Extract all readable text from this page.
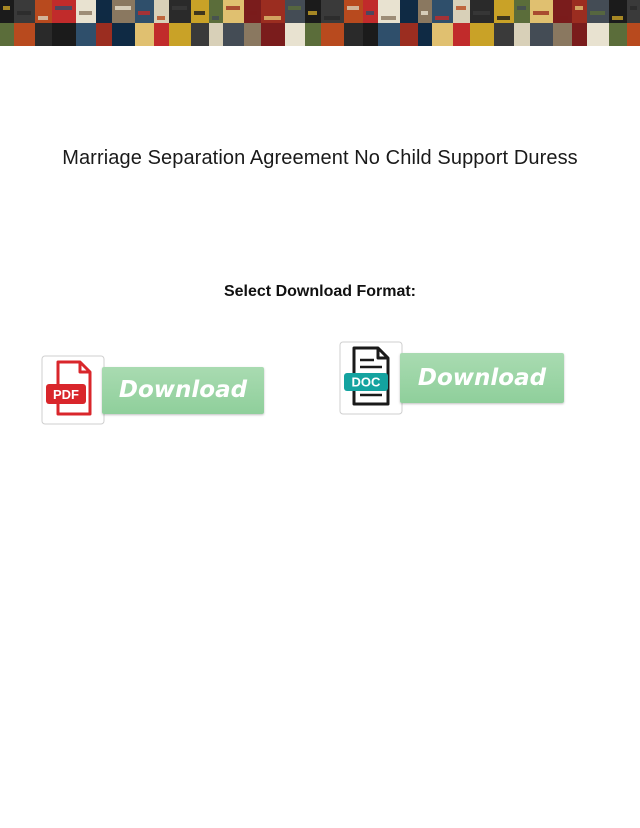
Marriage Separation Agreement No Child Support Duress
Select Download Format:
PDF	Download	DOC	Download
